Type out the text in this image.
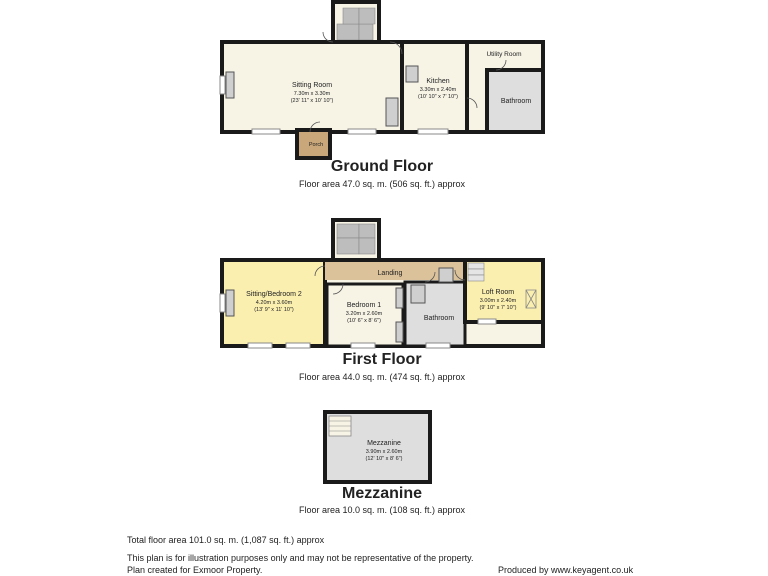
Sitting Room
7.30m x 3.30m
(23' 11" x 10' 10")
Kitchen
3.30m x 2.40m
(10' 10" x 7' 10")
Utility Room
Bathroom
Porch
Landing
Sitting/Bedroom 2
4.20m x 3.60m
(13' 9" x 11' 10")
Bedroom 1
3.20m x 2.60m
(10' 6" x 8' 6")	Bathroom
Loft Room
3.00m x 2.40m
(9' 10" x 7' 10")
Mezzanine
3.90m x 2.60m
(12' 10" x 8' 6")
Ground Floor
Floor area 47.0 sq. m. (506 sq. ft.) approx
First Floor
Floor area 44.0 sq. m. (474 sq. ft.) approx
Mezzanine
Floor area 10.0 sq. m. (108 sq. ft.) approx
Total floor area 101.0 sq. m. (1,087 sq. ft.) approx
This plan is for illustration purposes only and may not be representative of the property.
Plan created for Exmoor Property.	Produced by www.keyagent.co.uk
